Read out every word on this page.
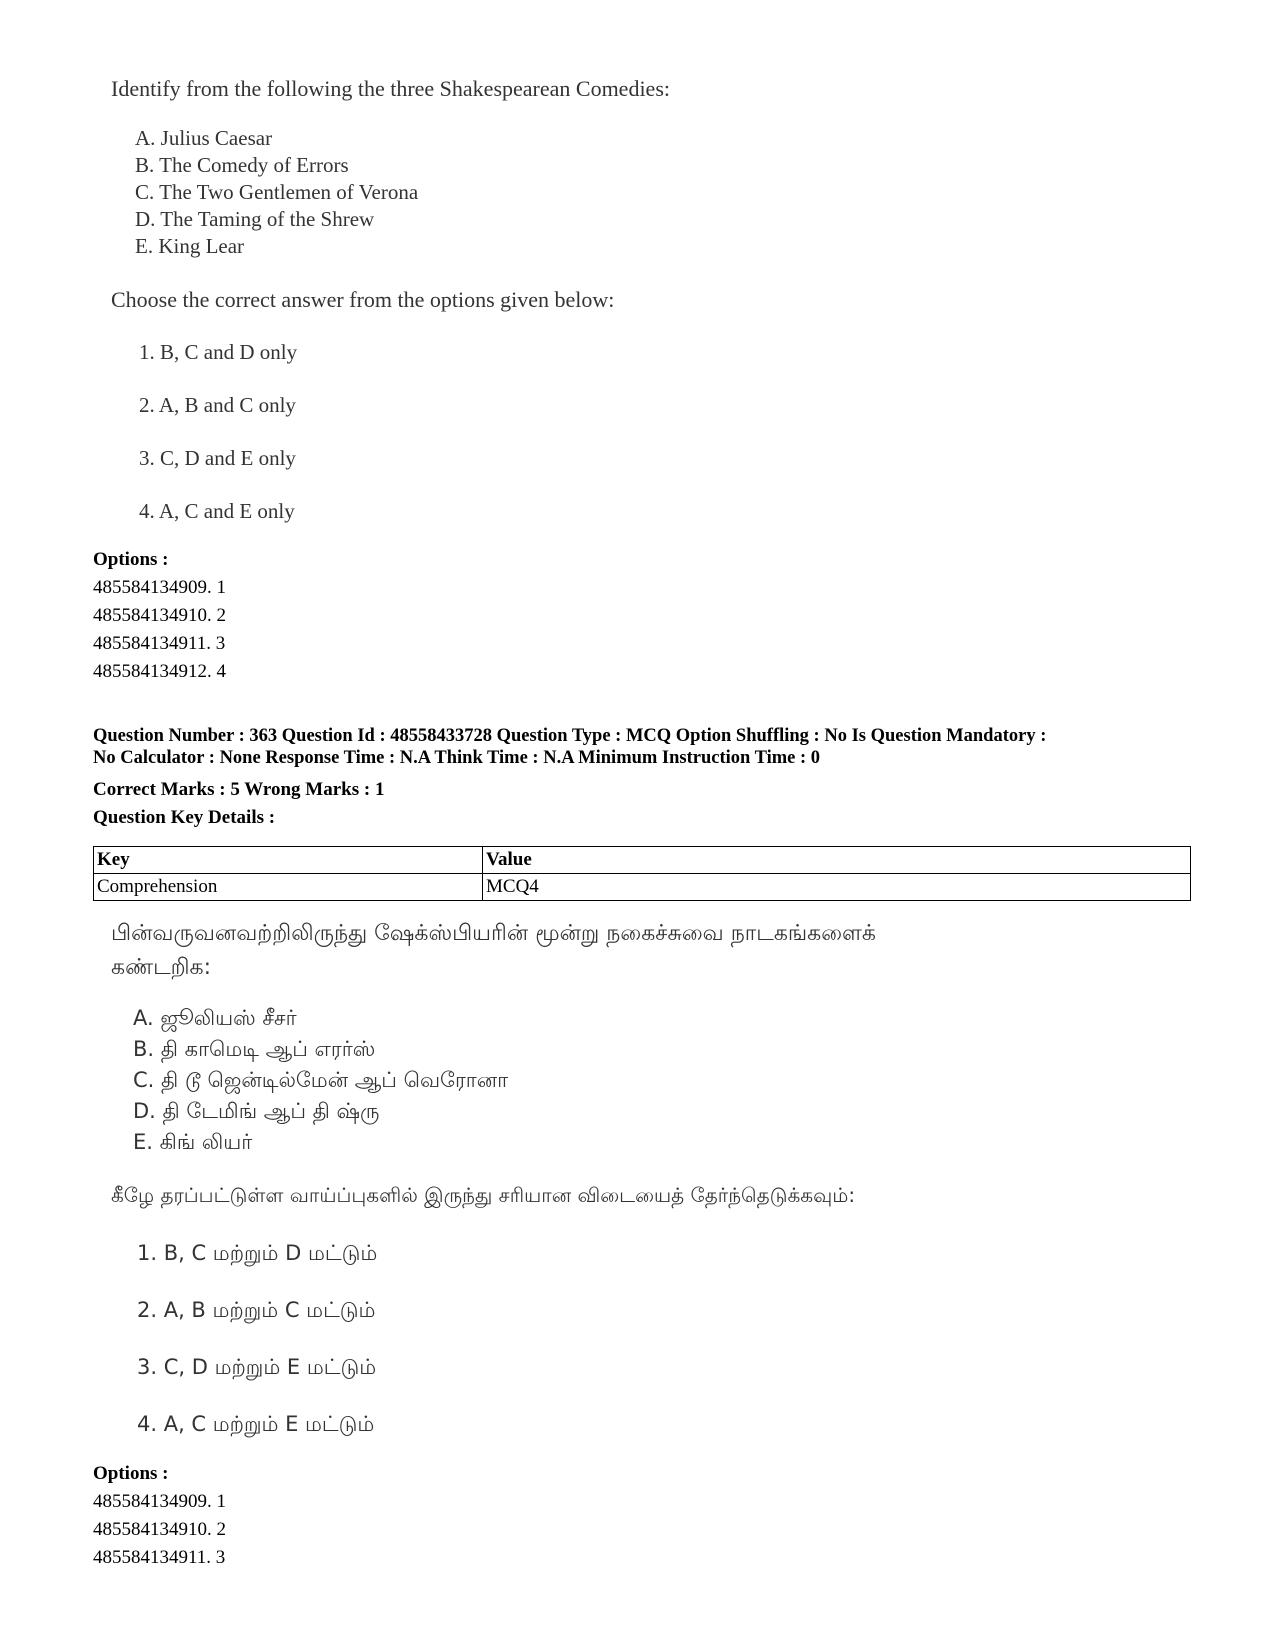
Identify from the following the three Shakespearean Comedies:
A. Julius Caesar
B. The Comedy of Errors
C. The Two Gentlemen of Verona
D. The Taming of the Shrew
E. King Lear
Choose the correct answer from the options given below:
1. B, C and D only
2. A, B and C only
3. C, D and E only
4. A, C and E only
Options :
485584134909. 1
485584134910. 2
485584134911. 3
485584134912. 4
Question Number : 363 Question Id : 48558433728 Question Type : MCQ Option Shuffling : No Is Question Mandatory :
No Calculator : None Response Time : N.A Think Time : N.A Minimum Instruction Time : 0
Correct Marks : 5 Wrong Marks : 1
Question Key Details :
Key	Value
Comprehension	MCQ4
பின்வருவனவற்றிலிருந்து ஷேக்ஸ்பியரின் மூன்று நகைச்சுவை நாடகங்களைக்
கண்டறிக:
A. ஜூலியஸ் சீசர்
B. தி காமெடி ஆப் எரர்ஸ்
C. தி டூ ஜென்டில்மேன் ஆப் வெரோனா
D. தி டேமிங் ஆப் தி ஷ்ரு
E. கிங் லியர்
கீழே தரப்பட்டுள்ள வாய்ப்புகளில் இருந்து சரியான விடையைத் தேர்ந்தெடுக்கவும்:
1. B, C மற்றும் D மட்டும்
2. A, B மற்றும் C மட்டும்
3. C, D மற்றும் E மட்டும்
4. A, C மற்றும் E மட்டும்
Options :
485584134909. 1
485584134910. 2
485584134911. 3
